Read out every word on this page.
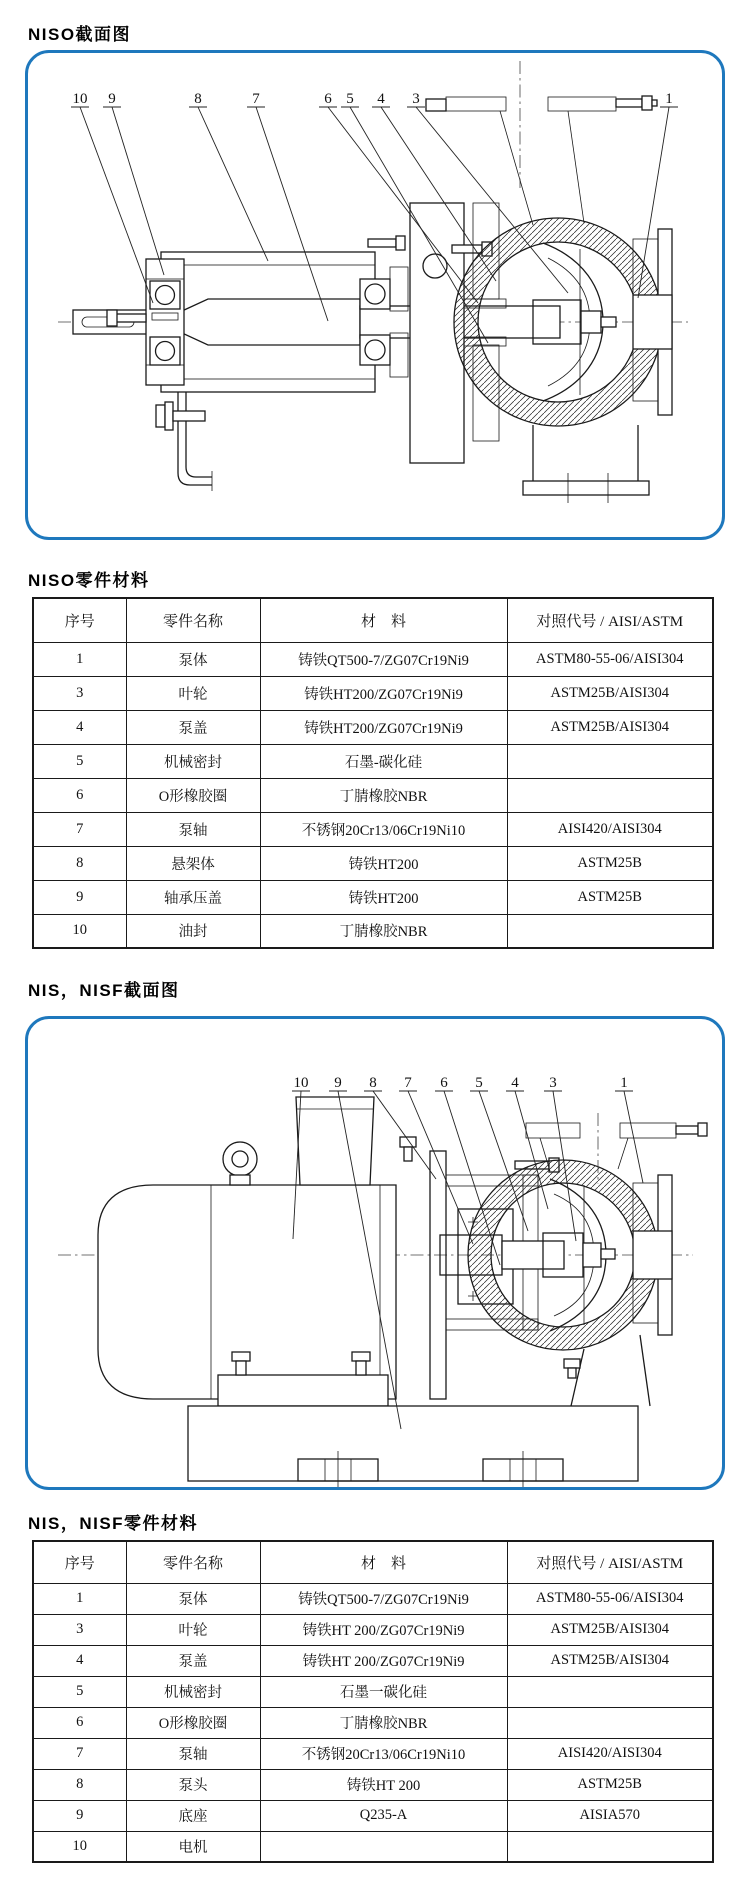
NISO截面图
10 9	8	7	6 5 4 3	1
NISO零件材料
序号	零件名称	材　料	对照代号 / AISI/ASTM
1	泵体	铸铁QT500-7/ZG07Cr19Ni9	ASTM80-55-06/AISI304
3	叶轮	铸铁HT200/ZG07Cr19Ni9	ASTM25B/AISI304
4	泵盖	铸铁HT200/ZG07Cr19Ni9	ASTM25B/AISI304
5	机械密封	石墨-碳化硅	
6	O形橡胶圈	丁腈橡胶NBR	
7	泵轴	不锈钢20Cr13/06Cr19Ni10	AISI420/AISI304
8	悬架体	铸铁HT200	ASTM25B
9	轴承压盖	铸铁HT200	ASTM25B
10	油封	丁腈橡胶NBR	
NIS，NISF截面图
10 9 8 7 6 5 4 3	1
NIS，NISF零件材料
序号	零件名称	材　料	对照代号 / AISI/ASTM
1	泵体	铸铁QT500-7/ZG07Cr19Ni9	ASTM80-55-06/AISI304
3	叶轮	铸铁HT 200/ZG07Cr19Ni9	ASTM25B/AISI304
4	泵盖	铸铁HT 200/ZG07Cr19Ni9	ASTM25B/AISI304
5	机械密封	石墨一碳化硅	
6	O形橡胶圈	丁腈橡胶NBR	
7	泵轴	不锈钢20Cr13/06Cr19Ni10	AISI420/AISI304
8	泵头	铸铁HT 200	ASTM25B
9	底座	Q235-A	AISIA570
10	电机		
